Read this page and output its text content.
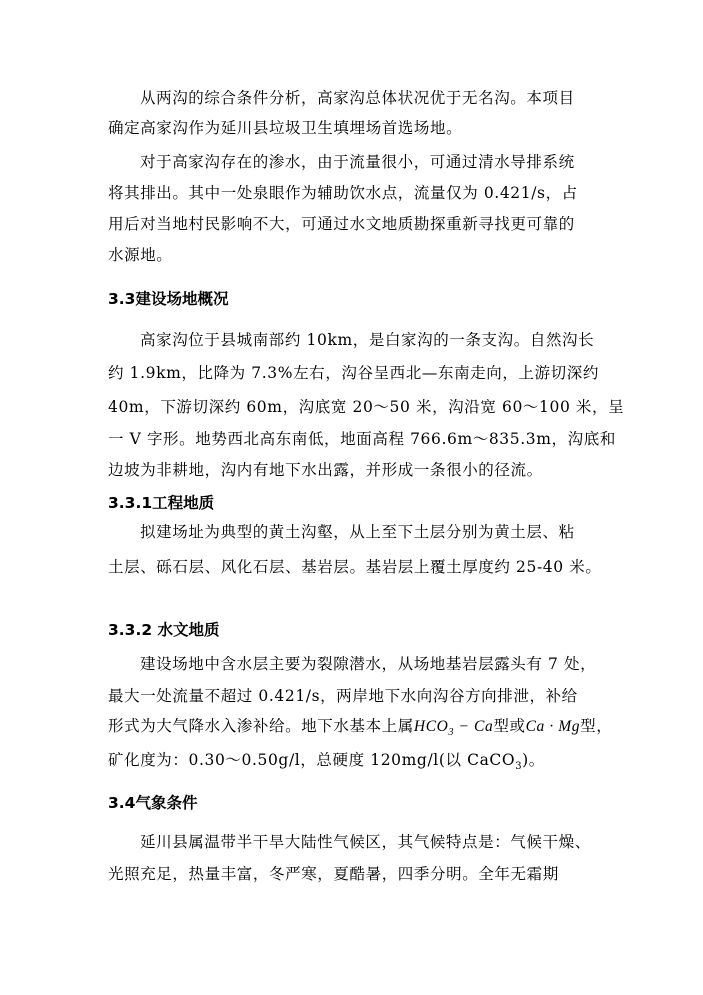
从两沟的综合条件分析，高家沟总体状况优于无名沟。本项目
确定高家沟作为延川县垃圾卫生填埋场首选场地。
对于高家沟存在的渗水，由于流量很小，可通过清水导排系统
将其排出。其中一处泉眼作为辅助饮水点，流量仅为 0.421/s，占
用后对当地村民影响不大，可通过水文地质勘探重新寻找更可靠的
水源地。
3.3建设场地概况
高家沟位于县城南部约 10km，是白家沟的一条支沟。自然沟长
约 1.9km，比降为 7.3%左右，沟谷呈西北—东南走向，上游切深约
40m，下游切深约 60m，沟底宽 20～50 米，沟沿宽 60～100 米，呈
一 V 字形。地势西北高东南低，地面高程 766.6m～835.3m，沟底和
边坡为非耕地，沟内有地下水出露，并形成一条很小的径流。
3.3.1工程地质
拟建场址为典型的黄土沟壑，从上至下土层分别为黄土层、粘
土层、砾石层、风化石层、基岩层。基岩层上覆土厚度约 25-40 米。
3.3.2 水文地质
建设场地中含水层主要为裂隙潜水，从场地基岩层露头有 7 处，
最大一处流量不超过 0.421/s，两岸地下水向沟谷方向排泄，补给
形式为大气降水入渗补给。地下水基本上属$HCO_3 - Ca$型或Ca · Mg型，
矿化度为：0.30～0.50g/l，总硬度 120mg/l(以 CaCO$_3$)。
3.4气象条件
延川县属温带半干旱大陆性气候区，其气候特点是：气候干燥、
光照充足，热量丰富，冬严寒，夏酷暑，四季分明。全年无霜期
